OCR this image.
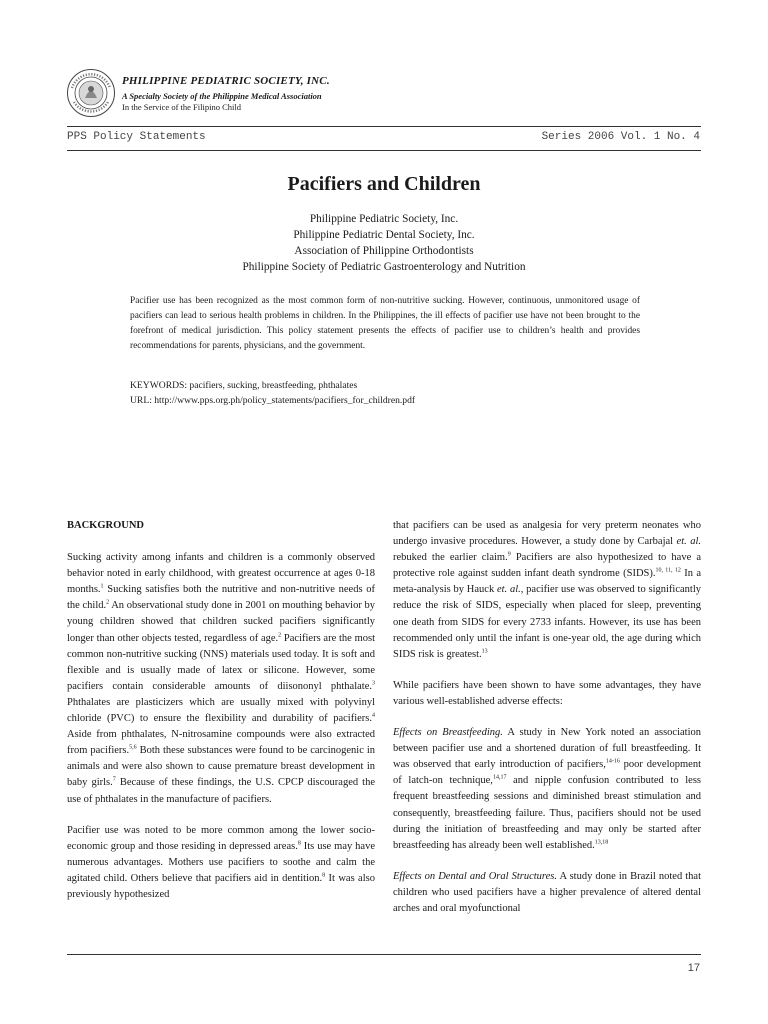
PHILIPPINE PEDIATRIC SOCIETY, INC.
A Specialty Society of the Philippine Medical Association
In the Service of the Filipino Child
PPS Policy Statements	Series 2006 Vol. 1 No. 4
Pacifiers and Children
Philippine Pediatric Society, Inc.
Philippine Pediatric Dental Society, Inc.
Association of Philippine Orthodontists
Philippine Society of Pediatric Gastroenterology and Nutrition
Pacifier use has been recognized as the most common form of non-nutritive sucking. However, continuous, unmonitored usage of pacifiers can lead to serious health problems in children. In the Philippines, the ill effects of pacifier use have not been brought to the forefront of medical jurisdiction. This policy statement presents the effects of pacifier use to children’s health and provides recommendations for parents, physicians, and the government.
KEYWORDS: pacifiers, sucking, breastfeeding, phthalates
URL: http://www.pps.org.ph/policy_statements/pacifiers_for_children.pdf
BACKGROUND

Sucking activity among infants and children is a commonly observed behavior noted in early childhood, with greatest occurrence at ages 0-18 months.$^1$ Sucking satisfies both the nutritive and non-nutritive needs of the child.$^2$ An observational study done in 2001 on mouthing behavior by young children showed that children sucked pacifiers significantly longer than other objects tested, regardless of age.$^2$ Pacifiers are the most common non-nutritive sucking (NNS) materials used today. It is soft and flexible and is usually made of latex or silicone. However, some pacifiers contain considerable amounts of diisononyl phthalate.$^3$ Phthalates are plasticizers which are usually mixed with polyvinyl chloride (PVC) to ensure the flexibility and durability of pacifiers.$^4$ Aside from phthalates, N-nitrosamine compounds were also extracted from pacifiers.$^{5,6}$ Both these substances were found to be carcinogenic in animals and were also shown to cause premature breast development in baby girls.$^7$ Because of these findings, the U.S. CPCP discouraged the use of phthalates in the manufacture of pacifiers.

Pacifier use was noted to be more common among the lower socio-economic group and those residing in depressed areas.$^8$ Its use may have numerous advantages. Mothers use pacifiers to soothe and calm the agitated child. Others believe that pacifiers aid in dentition.$^8$ It was also previously hypothesized

that pacifiers can be used as analgesia for very preterm neonates who undergo invasive procedures. However, a study done by Carbajal et. al. rebuked the earlier claim.$^9$ Pacifiers are also hypothesized to have a protective role against sudden infant death syndrome (SIDS).$^{10, 11, 12}$ In a meta-analysis by Hauck et. al., pacifier use was observed to significantly reduce the risk of SIDS, especially when placed for sleep, preventing one death from SIDS for every 2733 infants. However, its use has been recommended only until the infant is one-year old, the age during which SIDS risk is greatest.$^{13}$

While pacifiers have been shown to have some advantages, they have various well-established adverse effects:

Effects on Breastfeeding. A study in New York noted an association between pacifier use and a shortened duration of full breastfeeding. It was observed that early introduction of pacifiers,$^{14-16}$ poor development of latch-on technique,$^{14,17}$ and nipple confusion contributed to less frequent breastfeeding sessions and diminished breast stimulation and consequently, breastfeeding failure. Thus, pacifiers should not be used during the initiation of breastfeeding and may only be started after breastfeeding has already been well established.$^{13,18}$

Effects on Dental and Oral Structures. A study done in Brazil noted that children who used pacifiers have a higher prevalence of altered dental arches and oral myofunctional

17
